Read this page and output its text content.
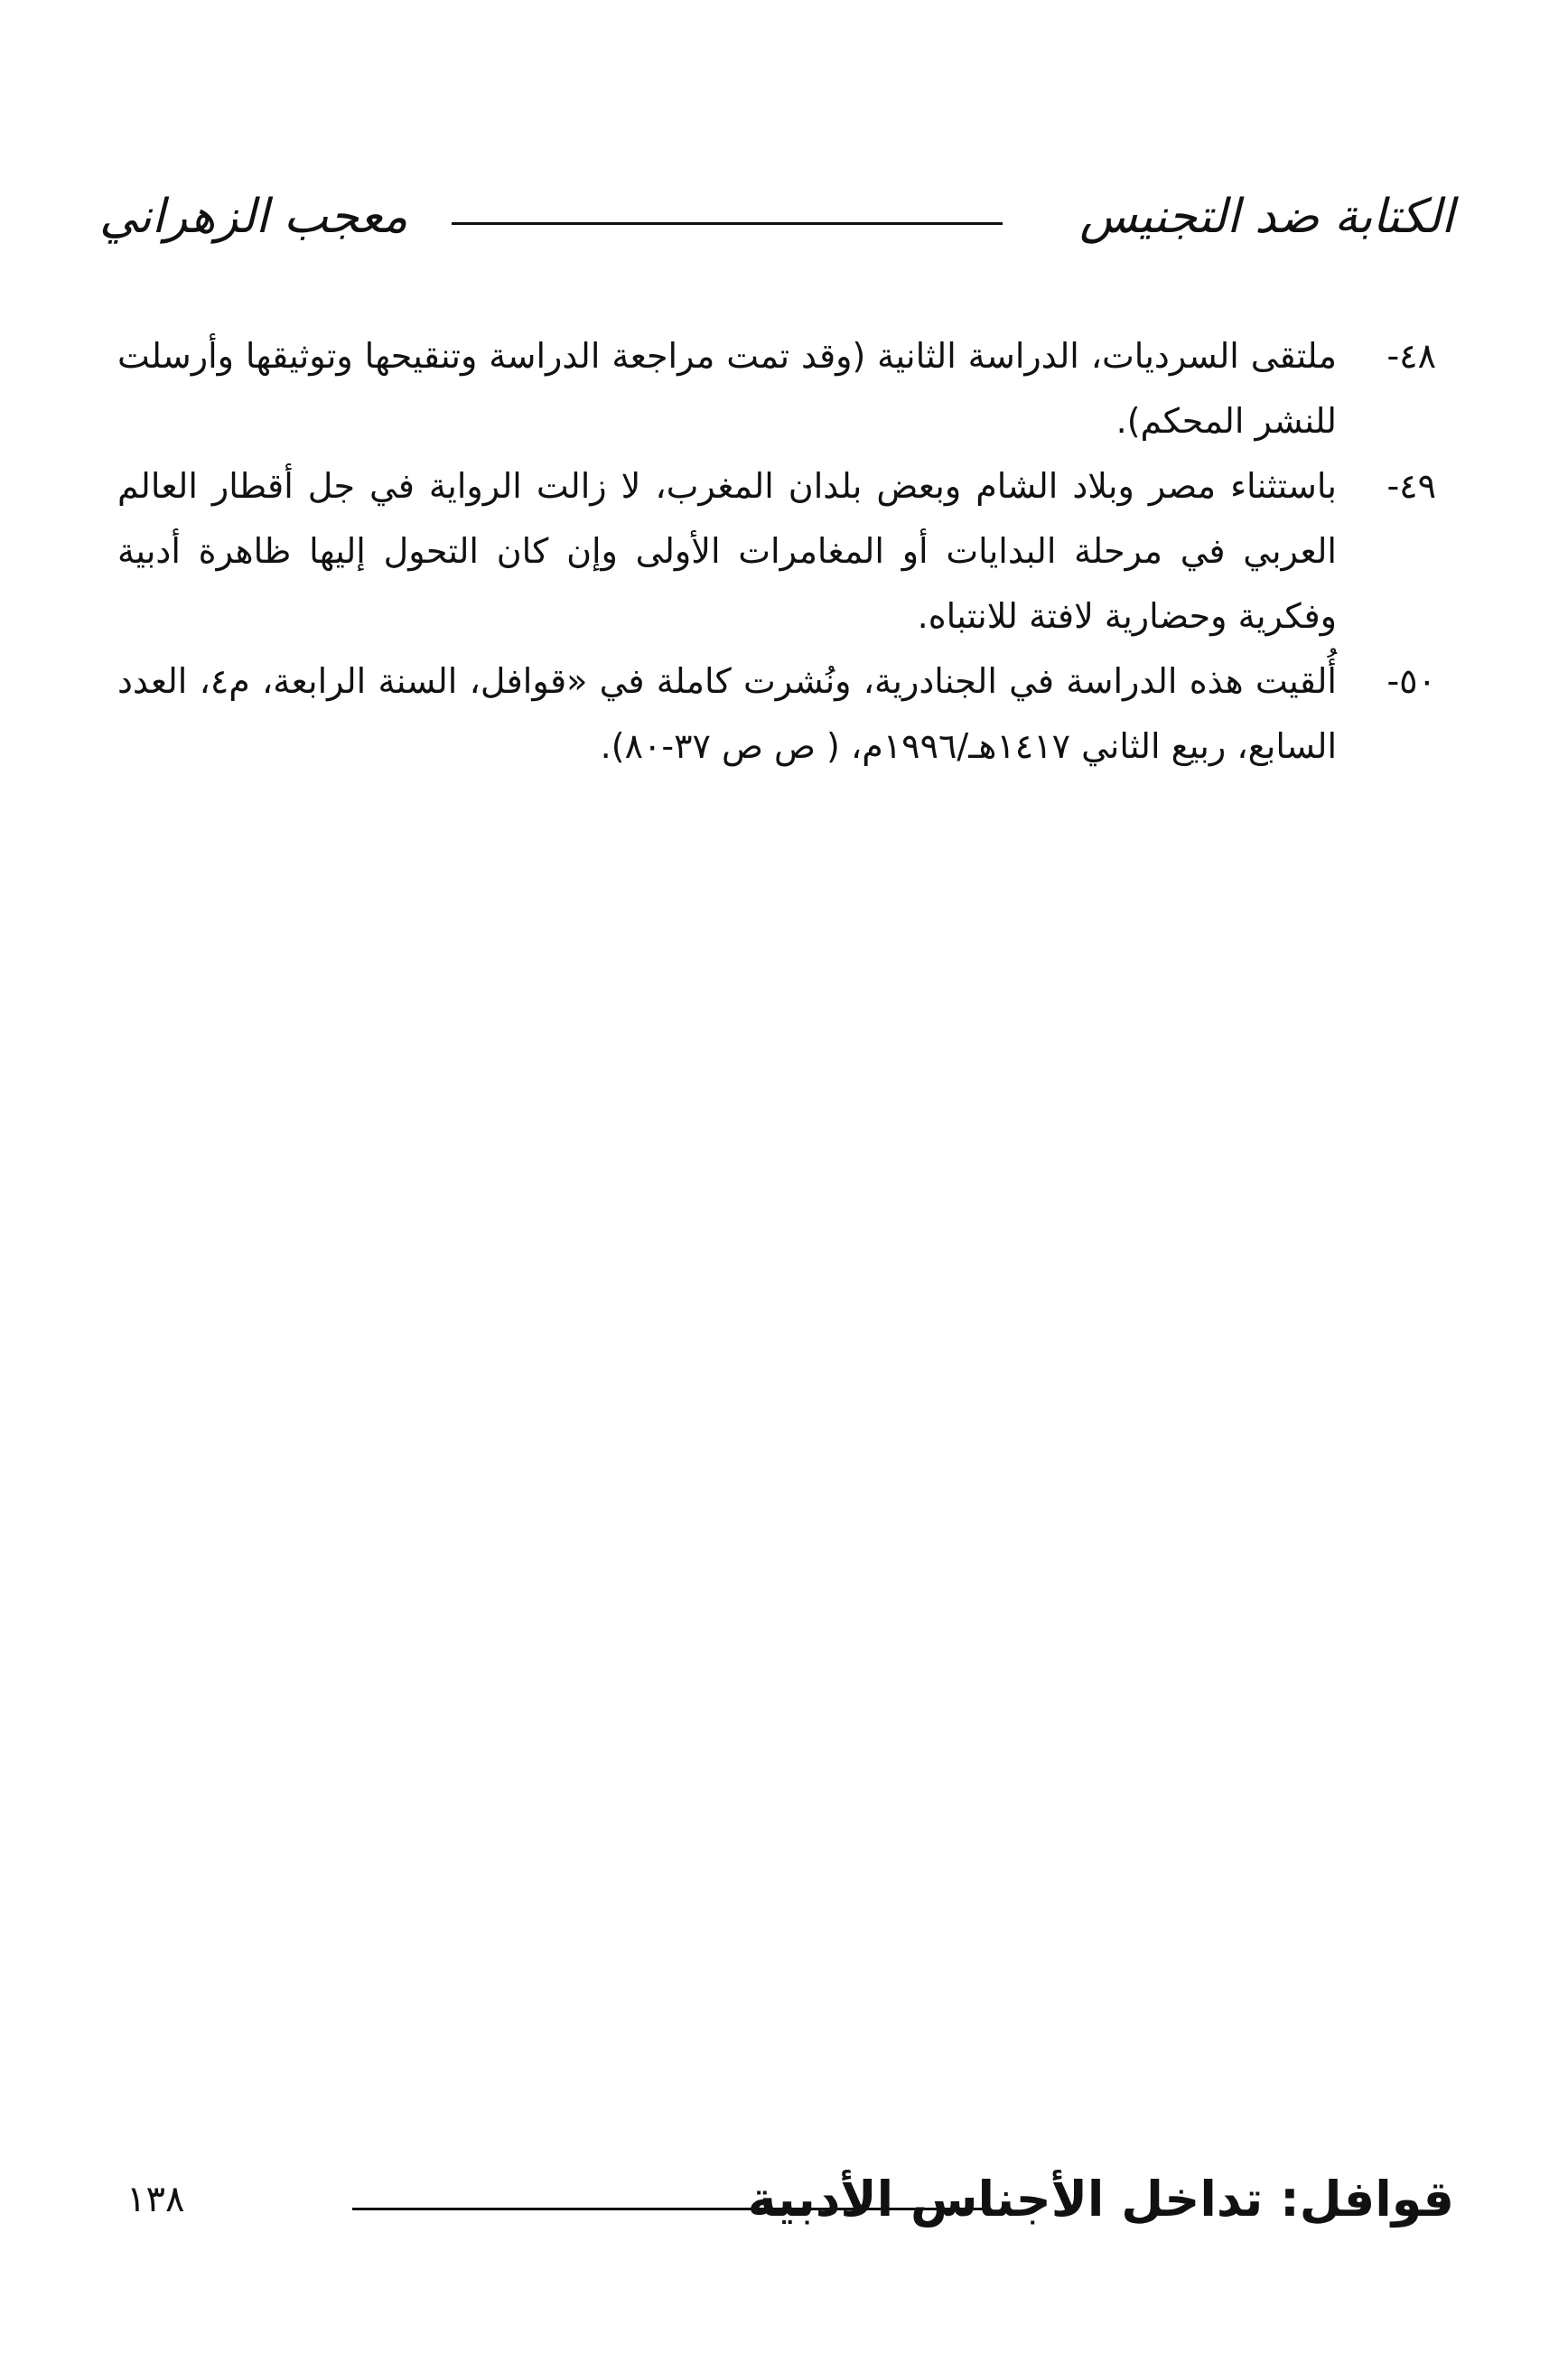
الكتابة ضد التجنيس
معجب الزهراني
٤٨-
ملتقى السرديات، الدراسة الثانية (وقد تمت مراجعة الدراسة وتنقيحها وتوثيقها وأرسلت للنشر المحكم).
٤٩-
باستثناء مصر وبلاد الشام وبعض بلدان المغرب، لا زالت الرواية في جل أقطار العالم العربي في مرحلة البدايات أو المغامرات الأولى وإن كان التحول إليها ظاهرة أدبية وفكرية وحضارية لافتة للانتباه.
٥٠-
أُلقيت هذه الدراسة في الجنادرية، ونُشرت كاملة في «قوافل، السنة الرابعة، م٤، العدد السابع، ربيع الثاني ١٤١٧هـ/١٩٩٦م، ( ص ص ٣٧-٨٠).
قوافل: تداخل الأجناس الأدبية
١٣٨
